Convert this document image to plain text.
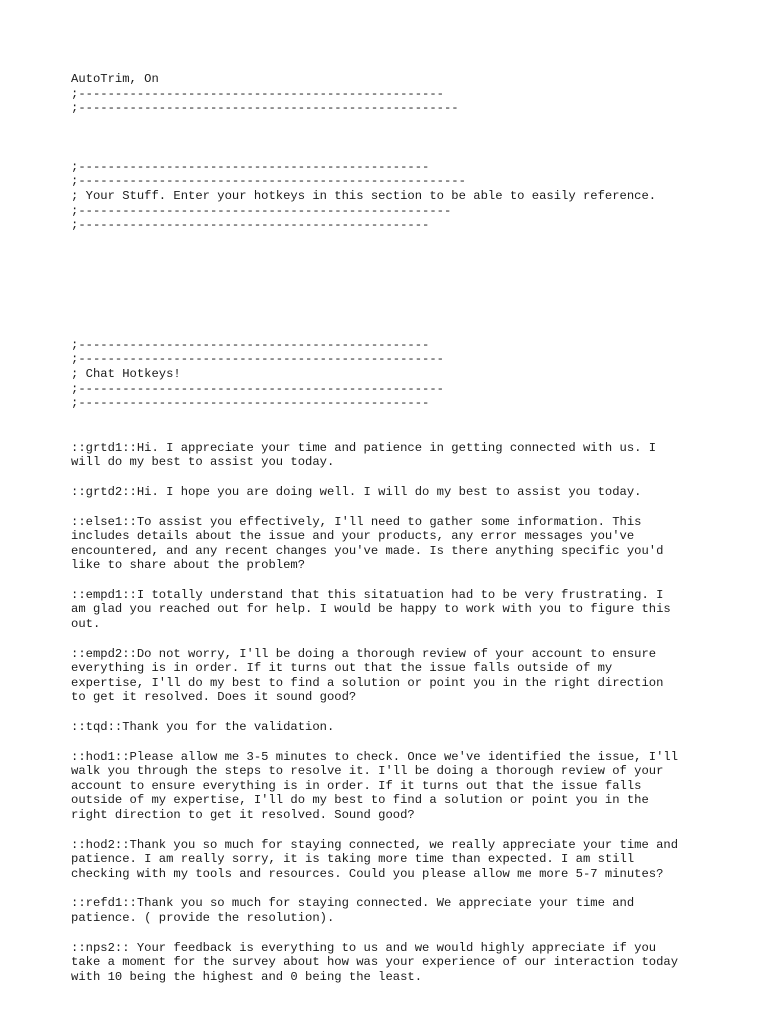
AutoTrim, On
;--------------------------------------------------
;----------------------------------------------------
;------------------------------------------------
;-----------------------------------------------------
; Your Stuff. Enter your hotkeys in this section to be able to easily reference.
;---------------------------------------------------
;------------------------------------------------
;------------------------------------------------
;--------------------------------------------------
; Chat Hotkeys!
;--------------------------------------------------
;------------------------------------------------
::grtd1::Hi. I appreciate your time and patience in getting connected with us. I
will do my best to assist you today.
::grtd2::Hi. I hope you are doing well. I will do my best to assist you today.
::else1::To assist you effectively, I'll need to gather some information. This
includes details about the issue and your products, any error messages you've
encountered, and any recent changes you've made. Is there anything specific you'd
like to share about the problem?
::empd1::I totally understand that this sitatuation had to be very frustrating. I
am glad you reached out for help. I would be happy to work with you to figure this
out.
::empd2::Do not worry, I'll be doing a thorough review of your account to ensure
everything is in order. If it turns out that the issue falls outside of my
expertise, I'll do my best to find a solution or point you in the right direction
to get it resolved. Does it sound good?
::tqd::Thank you for the validation.
::hod1::Please allow me 3-5 minutes to check. Once we've identified the issue, I'll
walk you through the steps to resolve it. I'll be doing a thorough review of your
account to ensure everything is in order. If it turns out that the issue falls
outside of my expertise, I'll do my best to find a solution or point you in the
right direction to get it resolved. Sound good?
::hod2::Thank you so much for staying connected, we really appreciate your time and
patience. I am really sorry, it is taking more time than expected. I am still
checking with my tools and resources. Could you please allow me more 5-7 minutes?
::refd1::Thank you so much for staying connected. We appreciate your time and
patience. ( provide the resolution).
::nps2:: Your feedback is everything to us and we would highly appreciate if you
take a moment for the survey about how was your experience of our interaction today
with 10 being the highest and 0 being the least.
